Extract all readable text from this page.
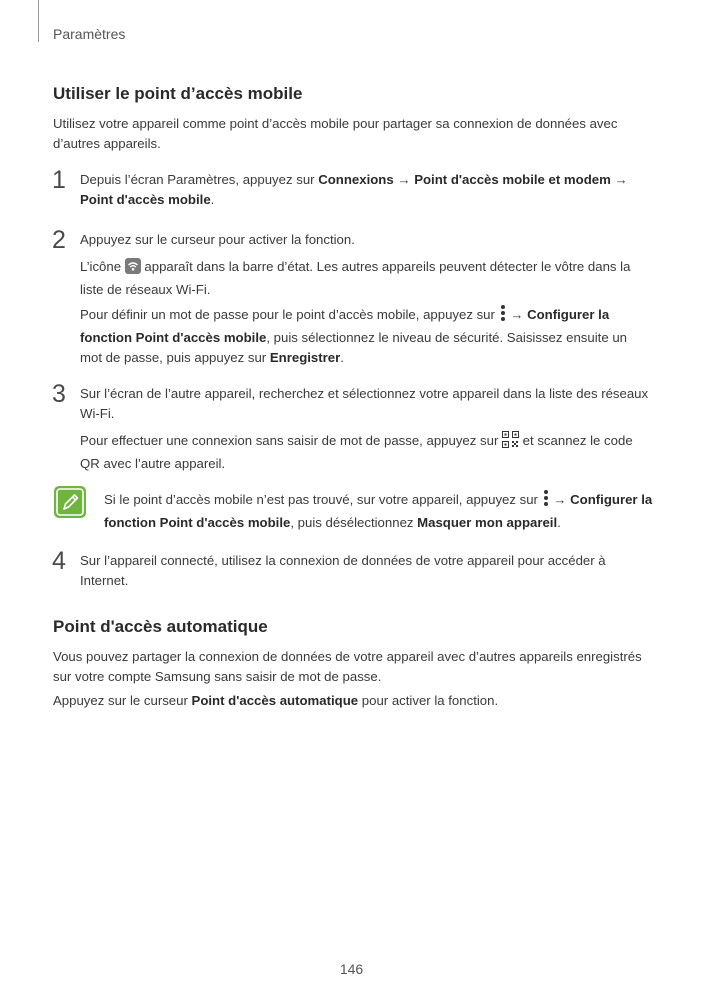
Paramètres
Utiliser le point d’accès mobile
Utilisez votre appareil comme point d’accès mobile pour partager sa connexion de données avec d’autres appareils.
1 Depuis l’écran Paramètres, appuyez sur Connexions → Point d'accès mobile et modem → Point d'accès mobile.
2 Appuyez sur le curseur pour activer la fonction.
L’icône  apparaît dans la barre d’état. Les autres appareils peuvent détecter le vôtre dans la liste de réseaux Wi-Fi.
Pour définir un mot de passe pour le point d’accès mobile, appuyez sur  → Configurer la fonction Point d'accès mobile, puis sélectionnez le niveau de sécurité. Saisissez ensuite un mot de passe, puis appuyez sur Enregistrer.
3 Sur l’écran de l’autre appareil, recherchez et sélectionnez votre appareil dans la liste des réseaux Wi-Fi.
Pour effectuer une connexion sans saisir de mot de passe, appuyez sur  et scannez le code QR avec l’autre appareil.
Si le point d’accès mobile n’est pas trouvé, sur votre appareil, appuyez sur  → Configurer la fonction Point d'accès mobile, puis désélectionnez Masquer mon appareil.
4 Sur l’appareil connecté, utilisez la connexion de données de votre appareil pour accéder à Internet.
Point d'accès automatique
Vous pouvez partager la connexion de données de votre appareil avec d’autres appareils enregistrés sur votre compte Samsung sans saisir de mot de passe.
Appuyez sur le curseur Point d'accès automatique pour activer la fonction.
146
